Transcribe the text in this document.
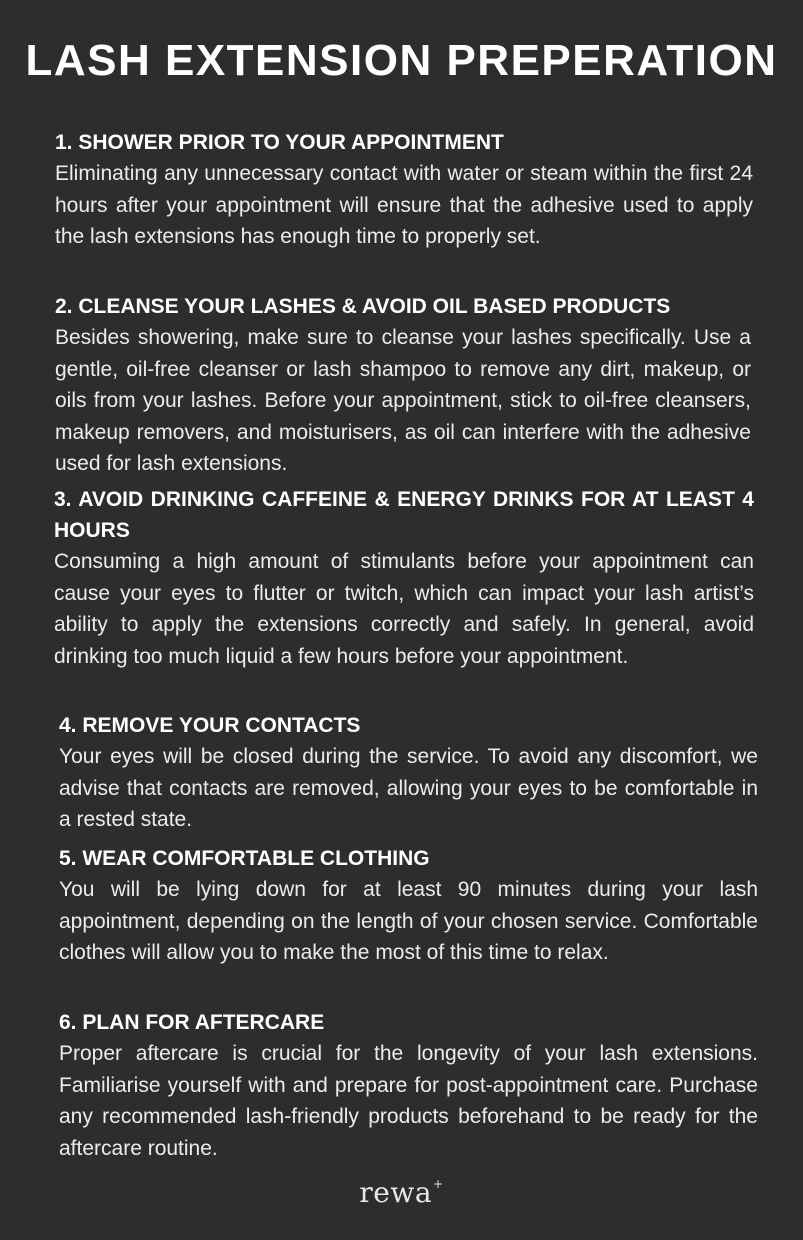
LASH EXTENSION PREPERATION
1. SHOWER PRIOR TO YOUR APPOINTMENT

Eliminating any unnecessary contact with water or steam within the first 24 hours after your appointment will ensure that the adhesive used to apply the lash extensions has enough time to properly set.

2. CLEANSE YOUR LASHES & AVOID OIL BASED PRODUCTS

Besides showering, make sure to cleanse your lashes specifically. Use a gentle, oil-free cleanser or lash shampoo to remove any dirt, makeup, or oils from your lashes. Before your appointment, stick to oil-free cleansers, makeup removers, and moisturisers, as oil can interfere with the adhesive used for lash extensions.

3. AVOID DRINKING CAFFEINE & ENERGY DRINKS FOR AT LEAST 4 HOURS

Consuming a high amount of stimulants before your appointment can cause your eyes to flutter or twitch, which can impact your lash artist’s ability to apply the extensions correctly and safely. In general, avoid drinking too much liquid a few hours before your appointment.

4. REMOVE YOUR CONTACTS

Your eyes will be closed during the service. To avoid any discomfort, we advise that contacts are removed, allowing your eyes to be comfortable in a rested state.

5. WEAR COMFORTABLE CLOTHING

You will be lying down for at least 90 minutes during your lash appointment, depending on the length of your chosen service. Comfortable clothes will allow you to make the most of this time to relax.

6. PLAN FOR AFTERCARE

Proper aftercare is crucial for the longevity of your lash extensions. Familiarise yourself with and prepare for post-appointment care. Purchase any recommended lash-friendly products beforehand to be ready for the aftercare routine.

rewa+
